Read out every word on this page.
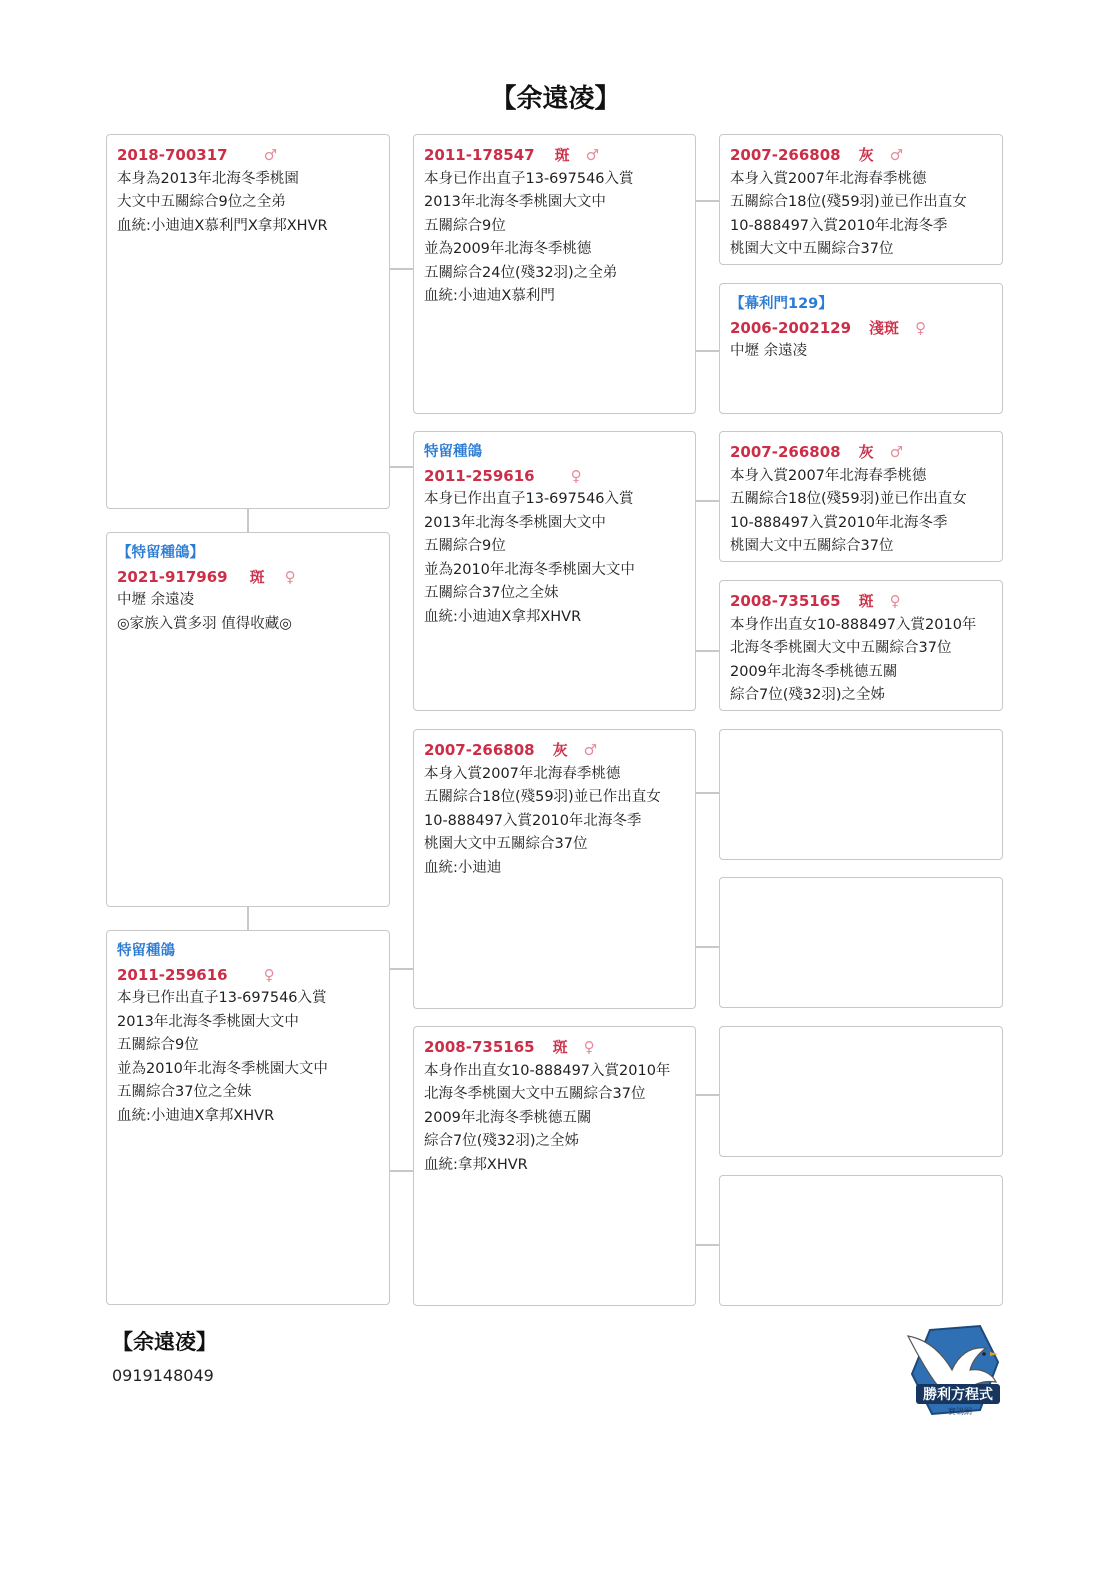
【余遠凌】
2018-700317 ♂
本身為2013年北海冬季桃園
大文中五關綜合9位之全弟
血統:小迪迪X慕利門X拿邦XHVR
【特留種鴿】
2021-917969 斑 ♀
中壢 余遠凌
◎家族入賞多羽 值得收藏◎
特留種鴿
2011-259616 ♀
本身已作出直子13-697546入賞
2013年北海冬季桃園大文中
五關綜合9位
並為2010年北海冬季桃園大文中
五關綜合37位之全妹
血統:小迪迪X拿邦XHVR
2011-178547 斑 ♂
本身已作出直子13-697546入賞
2013年北海冬季桃園大文中
五關綜合9位
並為2009年北海冬季桃德
五關綜合24位(殘32羽)之全弟
血統:小迪迪X慕利門
特留種鴿
2011-259616 ♀
本身已作出直子13-697546入賞
2013年北海冬季桃園大文中
五關綜合9位
並為2010年北海冬季桃園大文中
五關綜合37位之全妹
血統:小迪迪X拿邦XHVR
2007-266808 灰 ♂
本身入賞2007年北海春季桃德
五關綜合18位(殘59羽)並已作出直女
10-888497入賞2010年北海冬季
桃園大文中五關綜合37位
血統:小迪迪
2008-735165 斑 ♀
本身作出直女10-888497入賞2010年
北海冬季桃園大文中五關綜合37位
2009年北海冬季桃德五關
綜合7位(殘32羽)之全姊
血統:拿邦XHVR
2007-266808 灰 ♂
本身入賞2007年北海春季桃德
五關綜合18位(殘59羽)並已作出直女
10-888497入賞2010年北海冬季
桃園大文中五關綜合37位
【幕利門129】
2006-2002129 淺斑 ♀
中壢 余遠凌
2007-266808 灰 ♂
本身入賞2007年北海春季桃德
五關綜合18位(殘59羽)並已作出直女
10-888497入賞2010年北海冬季
桃園大文中五關綜合37位
2008-735165 斑 ♀
本身作出直女10-888497入賞2010年
北海冬季桃園大文中五關綜合37位
2009年北海冬季桃德五關
綜合7位(殘32羽)之全姊
【余遠凌】
0919148049
勝利方程式
賽鴿網
